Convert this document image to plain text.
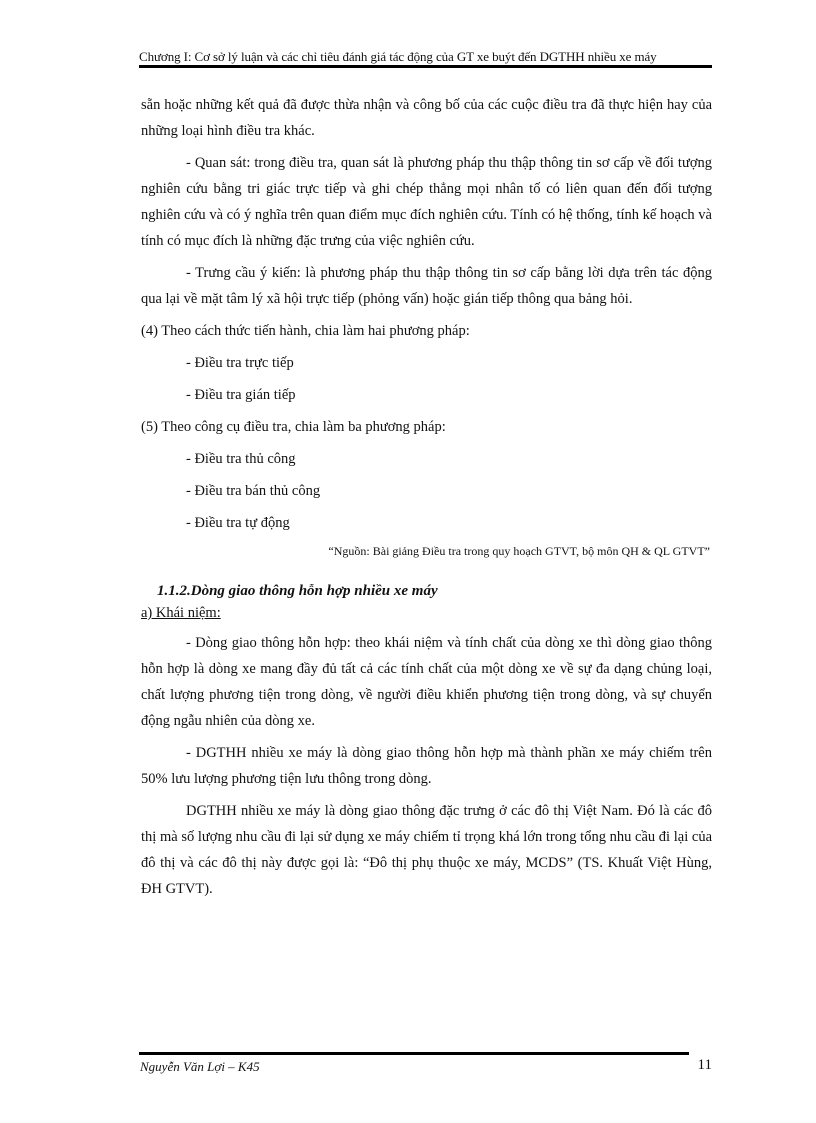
Chương I: Cơ sở lý luận và các chỉ tiêu đánh giá tác động của GT xe buýt đến DGTHH nhiều xe máy

sẵn hoặc những kết quả đã được thừa nhận và công bố của các cuộc điều tra đã thực hiện hay của những loại hình điều tra khác.

- Quan sát: trong điều tra, quan sát là phương pháp thu thập thông tin sơ cấp về đối tượng nghiên cứu bằng tri giác trực tiếp và ghi chép thẳng mọi nhân tố có liên quan đến đối tượng nghiên cứu và có ý nghĩa trên quan điểm mục đích nghiên cứu. Tính có hệ thống, tính kế hoạch và tính có mục đích là những đặc trưng của việc nghiên cứu.

- Trưng cầu ý kiến: là phương pháp thu thập thông tin sơ cấp bằng lời dựa trên tác động qua lại về mặt tâm lý xã hội trực tiếp (phỏng vấn) hoặc gián tiếp thông qua bảng hỏi.

(4) Theo cách thức tiến hành, chia làm hai phương pháp:

- Điều tra trực tiếp

- Điều tra gián tiếp

(5) Theo công cụ điều tra, chia làm ba phương pháp:

- Điều tra thủ công

- Điều tra bán thủ công

- Điều tra tự động

“Nguồn: Bài giảng Điều tra trong quy hoạch GTVT, bộ môn QH & QL GTVT”

1.1.2.Dòng giao thông hỗn hợp nhiều xe máy

a) Khái niệm:

- Dòng giao thông hỗn hợp: theo khái niệm và tính chất của dòng xe thì dòng giao thông hỗn hợp là dòng xe mang đầy đủ tất cả các tính chất của một dòng xe về sự đa dạng chủng loại, chất lượng phương tiện trong dòng, về người điều khiển phương tiện trong dòng, và sự chuyển động ngẫu nhiên của dòng xe.

- DGTHH nhiều xe máy là dòng giao thông hỗn hợp mà thành phần xe máy chiếm trên 50% lưu lượng phương tiện lưu thông trong dòng.

DGTHH nhiều xe máy là dòng giao thông đặc trưng ở các đô thị Việt Nam. Đó là các đô thị mà số lượng nhu cầu đi lại sử dụng xe máy chiếm tỉ trọng khá lớn trong tổng nhu cầu đi lại của đô thị và các đô thị này được gọi là: “Đô thị phụ thuộc xe máy, MCDS” (TS. Khuất Việt Hùng, ĐH GTVT).

Nguyễn Văn Lợi – K45	11
